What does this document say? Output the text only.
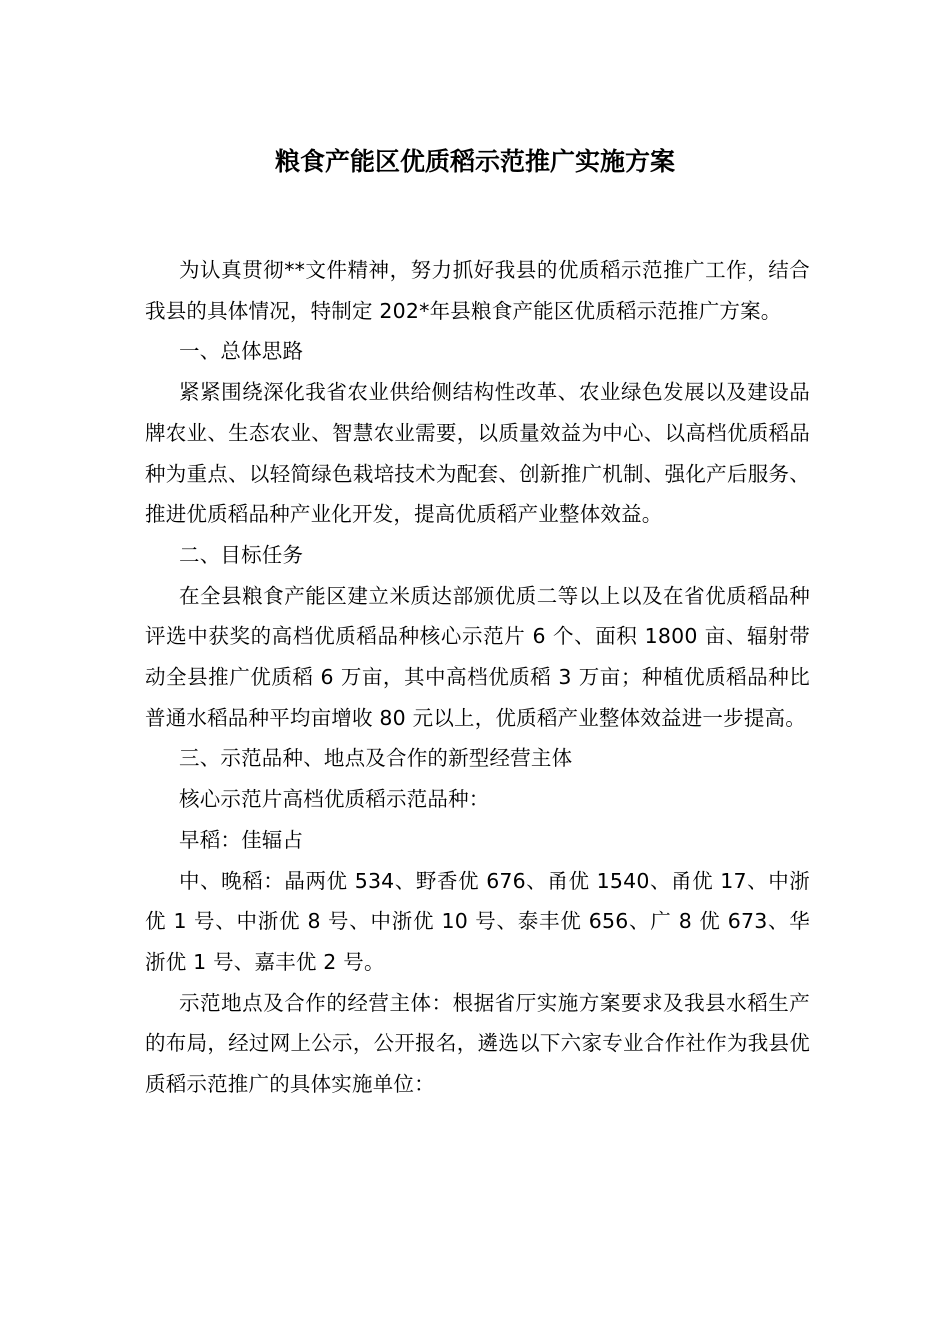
粮食产能区优质稻示范推广实施方案

为认真贯彻**文件精神，努力抓好我县的优质稻示范推广工作，结合我县的具体情况，特制定 202*年县粮食产能区优质稻示范推广方案。

一、总体思路

紧紧围绕深化我省农业供给侧结构性改革、农业绿色发展以及建设品牌农业、生态农业、智慧农业需要，以质量效益为中心、以高档优质稻品种为重点、以轻简绿色栽培技术为配套、创新推广机制、强化产后服务、推进优质稻品种产业化开发，提高优质稻产业整体效益。

二、目标任务

在全县粮食产能区建立米质达部颁优质二等以上以及在省优质稻品种评选中获奖的高档优质稻品种核心示范片 6 个、面积 1800 亩、辐射带动全县推广优质稻 6 万亩，其中高档优质稻 3 万亩；种植优质稻品种比普通水稻品种平均亩增收 80 元以上，优质稻产业整体效益进一步提高。

三、示范品种、地点及合作的新型经营主体

核心示范片高档优质稻示范品种：

早稻：佳辐占

中、晚稻：晶两优 534、野香优 676、甬优 1540、甬优 17、中浙优 1 号、中浙优 8 号、中浙优 10 号、泰丰优 656、广 8 优 673、华浙优 1 号、嘉丰优 2 号。

示范地点及合作的经营主体：根据省厅实施方案要求及我县水稻生产的布局，经过网上公示，公开报名，遴选以下六家专业合作社作为我县优质稻示范推广的具体实施单位：
